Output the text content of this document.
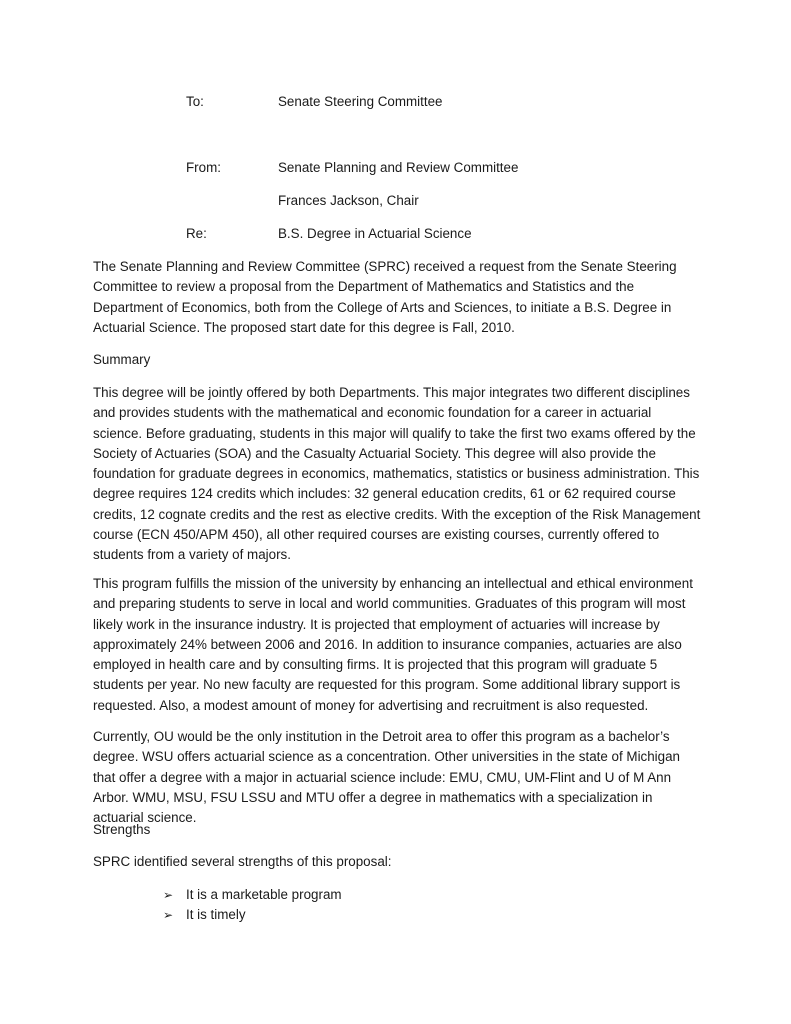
To:	Senate Steering Committee
From:	Senate Planning and Review Committee
Frances Jackson, Chair
Re:	B.S. Degree in Actuarial Science

The Senate Planning and Review Committee (SPRC) received a request from the Senate Steering Committee to review a proposal from the Department of Mathematics and Statistics and the Department of Economics, both from the College of Arts and Sciences, to initiate a B.S. Degree in Actuarial Science. The proposed start date for this degree is Fall, 2010.

Summary

This degree will be jointly offered by both Departments. This major integrates two different disciplines and provides students with the mathematical and economic foundation for a career in actuarial science. Before graduating, students in this major will qualify to take the first two exams offered by the Society of Actuaries (SOA) and the Casualty Actuarial Society. This degree will also provide the foundation for graduate degrees in economics, mathematics, statistics or business administration. This degree requires 124 credits which includes: 32 general education credits, 61 or 62 required course credits, 12 cognate credits and the rest as elective credits. With the exception of the Risk Management course (ECN 450/APM 450), all other required courses are existing courses, currently offered to students from a variety of majors.

This program fulfills the mission of the university by enhancing an intellectual and ethical environment and preparing students to serve in local and world communities. Graduates of this program will most likely work in the insurance industry. It is projected that employment of actuaries will increase by approximately 24% between 2006 and 2016. In addition to insurance companies, actuaries are also employed in health care and by consulting firms. It is projected that this program will graduate 5 students per year. No new faculty are requested for this program. Some additional library support is requested. Also, a modest amount of money for advertising and recruitment is also requested.

Currently, OU would be the only institution in the Detroit area to offer this program as a bachelor’s degree. WSU offers actuarial science as a concentration. Other universities in the state of Michigan that offer a degree with a major in actuarial science include: EMU, CMU, UM-Flint and U of M Ann Arbor. WMU, MSU, FSU LSSU and MTU offer a degree in mathematics with a specialization in actuarial science.

Strengths

SPRC identified several strengths of this proposal:

➢ It is a marketable program
➢ It is timely
